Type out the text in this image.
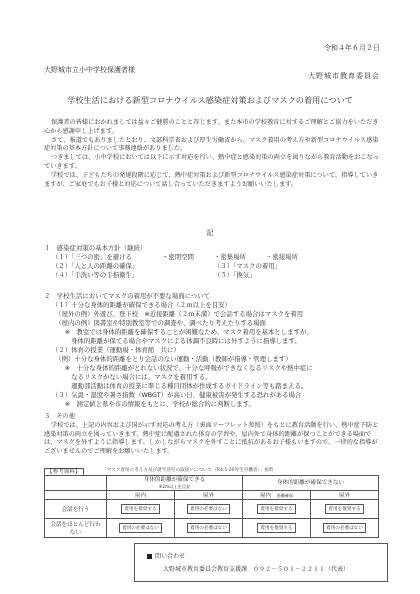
令和４年６月２日
大野城市立小中学校保護者様
大野城市教育委員会
学校生活における新型コロナウイルス感染症対策およびマスクの着用について

保護者の皆様におかれましては益々ご健勝のことと存じます。また本市の学校教育に対するご理解とご協力をいただき心から感謝申し上げます。

さて、報道でもありましたとおり、文部科学省および厚生労働省から、マスク着用の考え方や新型コロナウイルス感染症対策の基本方針について事務連絡がありました。

つきましては、小中学校においては以下に示す対応を行い、熱中症と感染対策の両立を図りながら教育活動をおこなっていきます。

学校では、子どもたちの発達段階に応じて、熱中症対策および新型コロナウイルス感染症対策について、指導していきますが、ご家庭でもお子様と対応について話し合っていただきますようお願いいたします。

記
１　感染症対策の基本方針（継続）
（１）「三つの密」を避ける	・密閉空間	・密集場所	・密接場所
（２）「人と人の距離の確保」	（３）「マスクの着用」
（４）「手洗い等の手指衛生」	（５）「換気」
２　学校生活においてマスクの着用が不要な場面について
（１）十分な身体的距離が確保できる場合（２ｍ以上を目安）
　（屋外の例）外遊び、登下校　※近接距離（２ｍ未満）で会話する場合はマスクを着用
　（屋内の例）図書室や特別教室等での調査や、調べたり考えたりする場面
　　※　教室では身体的距離を確保することが困難なため、マスク着用を基本としますが、
　　　身体的距離が保てる場合やマスクによる体調不良時には外すように指導します。
（２）体育の授業（運動場・体育館　共に）
　（例）十分な身体的距離をとり会話のない運動・活動（教師が指導・管理します）
　　※　十分な身体的距離がとれない状況で、十分な呼吸ができなくなるリスクや熱中症に
　　　なるリスクがない場合には、マスクを着用する。
　　　運動部活動は体育の授業に準じる種目団体が作成するガイドライン等も踏まえる。
（３）気温・湿度や暑さ指数（WBGT）が高い日、健康被害が発生する恐れがある場合
　　※　測定値と県や市の情報をもとに、学校が総合的に判断します。
３　その他

学校では、上記の内容および国が示す対応の考え方（裏面リーフレット参照）をもとに教育活動を行い、熱中症予防と感染対策の両立を図っていきます。熱中症に配慮された体育の学習や、屋内外で身体的距離が保つことができる場面では、マスクを外すように指導します。しかしながらマスクを外すことに抵抗があるお子様もいますので、一律的な指導がございませんのでご理解をお願いいたします。

【参考資料】	「マスク着用の考え方及び就学前児の取扱いについて（R4.5.20厚生労働省）」抜粋
	身体的距離が確保できる
※2m以上を目安		身体的距離が確保できない	
	屋内	屋外	屋内 距離確保	屋外
会話を行う	着用を推奨する	着用の必要はない	着用を推奨する	着用を推奨する
会話をほとんど行わない	着用の必要はない	着用の必要はない	着用を推奨する	着用の必要はない
問い合わせ
大野城市教育委員会教育支援課　０９２－５０１－２２１１（代表）
